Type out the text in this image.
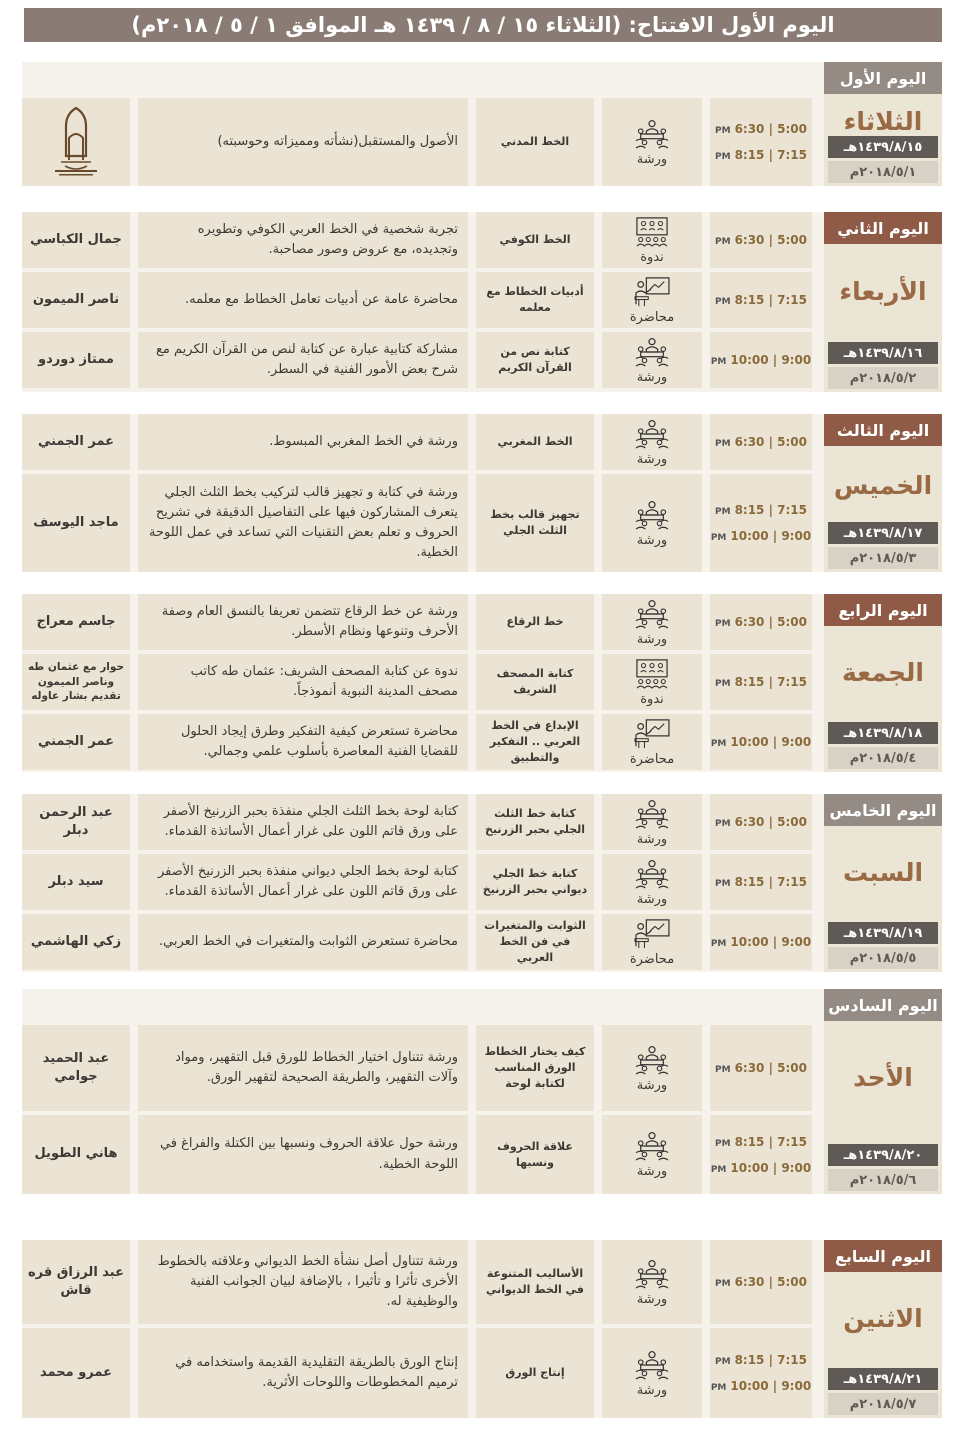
اليوم الأول الافتتاح: (الثلاثاء ١٥ / ٨ / ١٤٣٩ هـ الموافق ١ / ٥ / ٢٠١٨م)
اليوم الأول
الثلاثاء
١٤٣٩/٨/١٥هـ
٢٠١٨/٥/١م
PM 6:30 | 5:00
PM 8:15 | 7:15
ورشة
الخط المدني
الأصول والمستقبل(نشأته ومميزاته وحوسبته)
اليوم الثاني
الأربعاء
١٤٣٩/٨/١٦هـ
٢٠١٨/٥/٢م
PM 6:30 | 5:00
ندوة
الخط الكوفي
تجربة شخصية في الخط العربي الكوفي وتطويره وتجديده، مع عروض وصور مصاحبة.
جمال الكباسي
PM 8:15 | 7:15
محاضرة
أدبيات الخطاط مع معلمه
محاضرة عامة عن أدبيات تعامل الخطاط مع معلمه.
ناصر الميمون
PM 10:00 | 9:00
ورشة
كتابة نص من القرآن الكريم
مشاركة كتابية عبارة عن كتابة لنص من القرآن الكريم مع شرح بعض الأمور الفنية في السطر.
ممتاز دوردو
اليوم الثالث
الخميس
١٤٣٩/٨/١٧هـ
٢٠١٨/٥/٣م
PM 6:30 | 5:00
ورشة
الخط المغربي
ورشة في الخط المغربي المبسوط.
عمر الجمني
PM 8:15 | 7:15
PM 10:00 | 9:00
ورشة
تجهيز قالب بخط الثلث الجلي
ورشة في كتابة و تجهيز قالب لتركيب بخط الثلث الجلي يتعرف المشاركون فيها على التفاصيل الدقيقة في تشريح الحروف و تعلم بعض التقنيات التي تساعد في عمل اللوحة الخطية.
ماجد اليوسف
اليوم الرابع
الجمعة
١٤٣٩/٨/١٨هـ
٢٠١٨/٥/٤م
PM 6:30 | 5:00
ورشة
خط الرقاع
ورشة عن خط الرقاع تتضمن تعريفا بالنسق العام وصفة الأحرف وتنوعها ونظام الأسطر.
جاسم معراج
PM 8:15 | 7:15
ندوة
كتابة المصحف الشريف
ندوة عن كتابة المصحف الشريف: عثمان طه كاتب مصحف المدينة النبوية أنموذجاً.
حوار مع عثمان طه وناصر الميمون تقديم بشار عاوله
PM 10:00 | 9:00
محاضرة
الإبداع في الخط العربي .. التفكير والتطبيق
محاضرة تستعرض كيفية التفكير وطرق إيجاد الحلول للقضايا الفنية المعاصرة بأسلوب علمي وجمالي.
عمر الجمني
اليوم الخامس
السبت
١٤٣٩/٨/١٩هـ
٢٠١٨/٥/٥م
PM 6:30 | 5:00
ورشة
كتابة خط الثلث الجلي بحبر الزرنيخ
كتابة لوحة بخط الثلث الجلي منفذة بحبر الزرنيخ الأصفر على ورق قاتم اللون على غرار أعمال الأساتذة القدماء.
عبد الرحمن دبلر
PM 8:15 | 7:15
ورشة
كتابة خط الجلي ديواني بحبر الزرنيخ
كتابة لوحة بخط الجلي ديواني منفذة بحبر الزرنيخ الأصفر على ورق قاتم اللون على غرار أعمال الأساتذة القدماء.
سيد دبلر
PM 10:00 | 9:00
محاضرة
الثوابت والمتغيرات في فن الخط العربي
محاضرة تستعرض الثوابت والمتغيرات في الخط العربي.
زكي الهاشمي
اليوم السادس
الأحد
١٤٣٩/٨/٢٠هـ
٢٠١٨/٥/٦م
PM 6:30 | 5:00
ورشة
كيف يختار الخطاط الورق المناسب لكتابة لوحة
ورشة تتناول اختيار الخطاط للورق قبل التقهير، ومواد وآلات التقهير، والطريقة الصحيحة لتقهير الورق.
عبد الحميد جوامي
PM 8:15 | 7:15
PM 10:00 | 9:00
ورشة
علاقة الحروف ونسبها
ورشة حول علاقة الحروف ونسبها بين الكتلة والفراغ في اللوحة الخطية.
هاني الطويل
اليوم السابع
الاثنين
١٤٣٩/٨/٢١هـ
٢٠١٨/٥/٧م
PM 6:30 | 5:00
ورشة
الأساليب المتنوعة في الخط الديواني
ورشة تتناول أصل نشأة الخط الديواني وعلاقته بالخطوط الأخرى تأثرا و تأثيرا ، بالإضافة لبيان الجوانب الفنية والوظيفية له.
عبد الرزاق قره قاش
PM 8:15 | 7:15
PM 10:00 | 9:00
ورشة
إنتاج الورق
إنتاج الورق بالطريقة التقليدية القديمة واستخدامه في ترميم المخطوطات واللوحات الأثرية.
عمرو محمد
